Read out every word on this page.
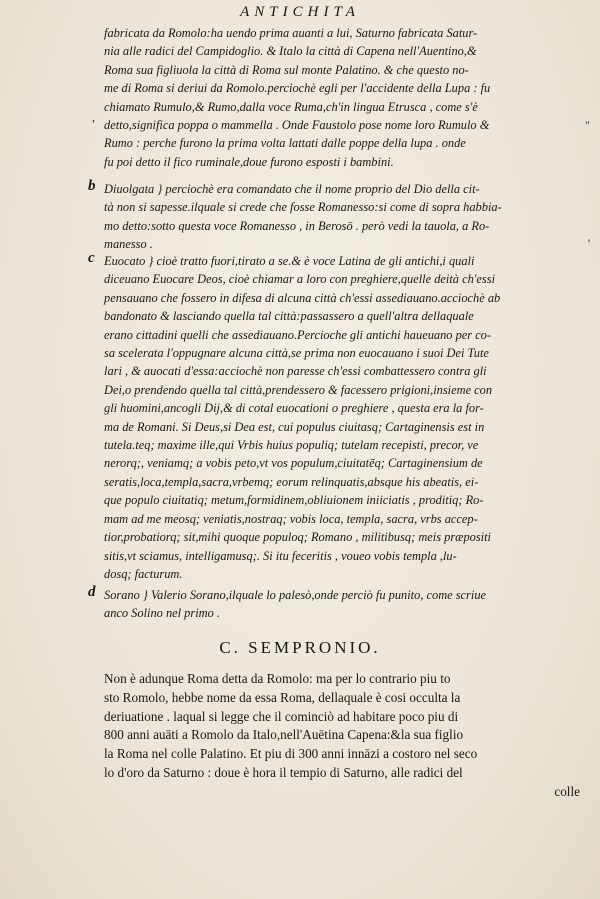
ANTICHITA
fabricata da Romolo:ha uendo prima auanti a lui, Saturno fabricata Satur-
nia alle radici del Campidoglio. & Italo la città di Capena nell'Auentino,&
Roma sua figliuola la città di Roma sul monte Palatino. & che questo no-
me di Roma si deriui da Romolo.perciochè egli per l'accidente della Lupa : fu
chiamato Rumulo,& Rumo,dalla voce Ruma,ch'in lingua Etrusca , come s'è
detto,significa poppa o mammella . Onde Faustolo pose nome loro Rumulo &
Rumo : perche furono la prima volta lattati dalle poppe della lupa . onde
fu poi detto il fico ruminale,doue furono esposti i bambini.
b Diuolgata } perciochè era comandato che il nome proprio del Dio della cit-
tà non si sapesse.ilquale si crede che fosse Romanesso:si come di sopra habbia-
mo detto:sotto questa voce Romanesso , in Berosō . però vedi la tauola, a Ro-
manesso .
c Euocato } cioè tratto fuori,tirato a se.& è voce Latina de gli antichi,i quali
diceuano Euocare Deos, cioè chiamar a loro con preghiere,quelle deità ch'essi
pensauano che fossero in difesa di alcuna città ch'essi assediauano.acciochè ab
bandonato & lasciando quella tal città:passassero a quell'altra dellaquale
erano cittadini quelli che assediauano.Percioche gli antichi haueuano per co-
sa scelerata l'oppugnare alcuna città,se prima non euocauano i suoi Dei Tute
lari , & auocati d'essa:acciochè non paresse ch'essi combattessero contra gli
Dei,o prendendo quella tal città,prendessero & facessero prigioni,insieme con
gli huomini,ancogli Dij,& di cotal euocationi o preghiere , questa era la for-
ma de Romani. Si Deus,si Dea est, cui populus ciuitasq; Cartaginensis est in
tutela.teq; maxime ille,qui Vrbis huius populiq; tutelam recepisti, precor, ve
nerorq;, veniamq; a vobis peto,vt vos populum,ciuitatēq; Cartaginensium de
seratis,loca,templa,sacra,vrbemq; eorum relinquatis,absque his abeatis, ei-
que populo ciuitatiq; metum,formidinem,obliuionem iniiciatis , proditiq; Ro-
mam ad me meosq; veniatis,nostraq; vobis loca, templa, sacra, vrbs accep-
tior,probatiorq; sit,mihi quoque populoq; Romano , militibusq; meis præpositi
sitis,vt sciamus, intelligamusq;. Si itu feceritis , voueo vobis templa ,lu-
dosq; facturum.
d Sorano } Valerio Sorano,ilquale lo palesò,onde perciò fu punito, come scriue
anco Solino nel primo .
C. SEMPRONIO.
Non è adunque Roma detta da Romolo: ma per lo contrario piu to
sto Romolo, hebbe nome da essa Roma, dellaquale è cosi occulta la
deriuatione . laqual si legge che il cominciò ad habitare poco piu di
800 anni auāti a Romolo da Italo,nell'Auētina Capena:&la sua figlio
la Roma nel colle Palatino. Et piu di 300 anni innāzi a costoro nel seco
lo d'oro da Saturno : doue è hora il tempio di Saturno, alle radici del
colle
,
"
'
